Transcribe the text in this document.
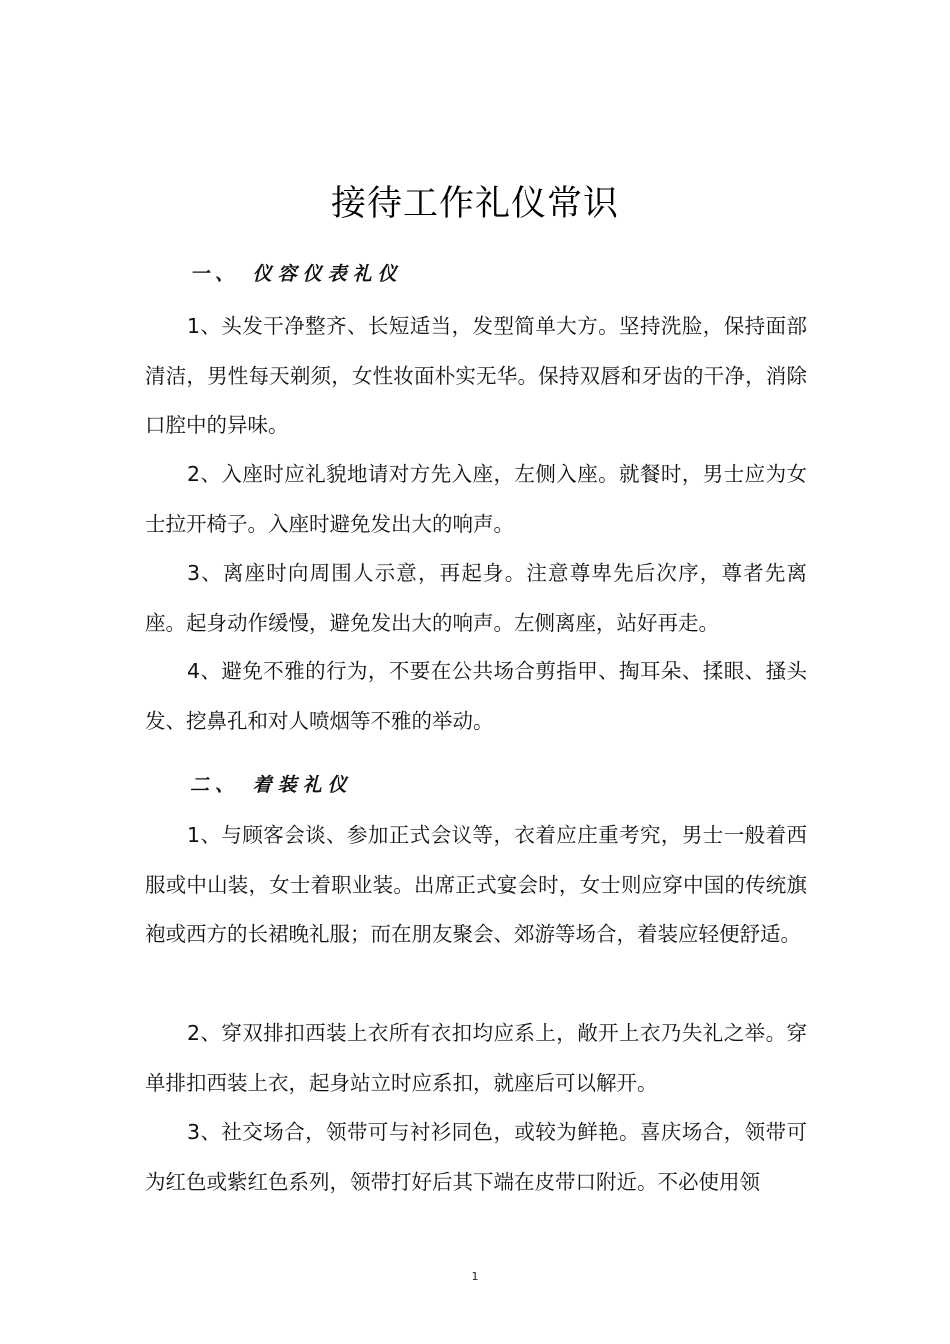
接待工作礼仪常识
一、 仪容仪表礼仪
1、头发干净整齐、长短适当，发型简单大方。坚持洗脸，保持面部清洁，男性每天剃须，女性妆面朴实无华。保持双唇和牙齿的干净，消除口腔中的异味。
2、入座时应礼貌地请对方先入座，左侧入座。就餐时，男士应为女士拉开椅子。入座时避免发出大的响声。
3、离座时向周围人示意，再起身。注意尊卑先后次序，尊者先离座。起身动作缓慢，避免发出大的响声。左侧离座，站好再走。
4、避免不雅的行为，不要在公共场合剪指甲、掏耳朵、揉眼、搔头发、挖鼻孔和对人喷烟等不雅的举动。
二、 着装礼仪
1、与顾客会谈、参加正式会议等，衣着应庄重考究，男士一般着西服或中山装，女士着职业装。出席正式宴会时，女士则应穿中国的传统旗袍或西方的长裙晚礼服；而在朋友聚会、郊游等场合，着装应轻便舒适。
2、穿双排扣西装上衣所有衣扣均应系上，敞开上衣乃失礼之举。穿单排扣西装上衣，起身站立时应系扣，就座后可以解开。
3、社交场合，领带可与衬衫同色，或较为鲜艳。喜庆场合，领带可为红色或紫红色系列，领带打好后其下端在皮带口附近。不必使用领
1
